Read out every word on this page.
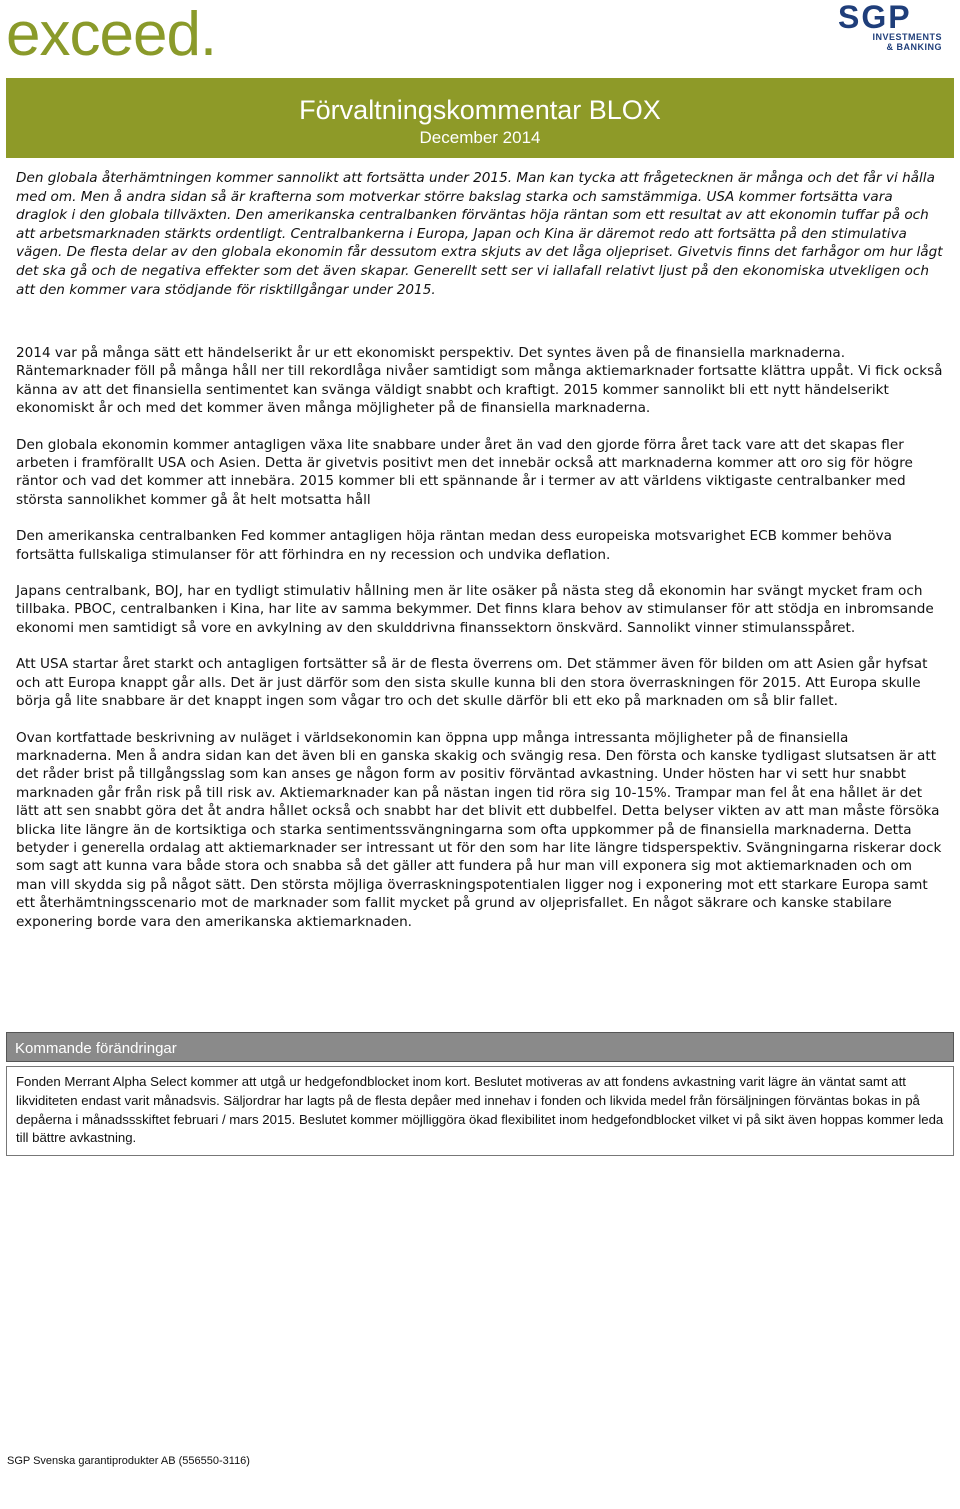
exceed.	SGP
INVESTMENTS
& BANKING
Förvaltningskommentar BLOX
December 2014

Den globala återhämtningen kommer sannolikt att fortsätta under 2015. Man kan tycka att frågetecknen är många och det får vi hålla med om. Men å andra sidan så är krafterna som motverkar större bakslag starka och samstämmiga. USA kommer fortsätta vara draglok i den globala tillväxten. Den amerikanska centralbanken förväntas höja räntan som ett resultat av att ekonomin tuffar på och att arbetsmarknaden stärkts ordentligt. Centralbankerna i Europa, Japan och Kina är däremot redo att fortsätta på den stimulativa vägen. De flesta delar av den globala ekonomin får dessutom extra skjuts av det låga oljepriset. Givetvis finns det farhågor om hur lågt det ska gå och de negativa effekter som det även skapar. Generellt sett ser vi iallafall relativt ljust på den ekonomiska utvekligen och att den kommer vara stödjande för risktillgångar under 2015.

2014 var på många sätt ett händelserikt år ur ett ekonomiskt perspektiv. Det syntes även på de finansiella marknaderna. Räntemarknader föll på många håll ner till rekordlåga nivåer samtidigt som många aktiemarknader fortsatte klättra uppåt. Vi fick också känna av att det finansiella sentimentet kan svänga väldigt snabbt och kraftigt. 2015 kommer sannolikt bli ett nytt händelserikt ekonomiskt år och med det kommer även många möjligheter på de finansiella marknaderna.

Den globala ekonomin kommer antagligen växa lite snabbare under året än vad den gjorde förra året tack vare att det skapas fler arbeten i framförallt USA och Asien. Detta är givetvis positivt men det innebär också att marknaderna kommer att oro sig för högre räntor och vad det kommer att innebära. 2015 kommer bli ett spännande år i termer av att världens viktigaste centralbanker med största sannolikhet kommer gå åt helt motsatta håll

Den amerikanska centralbanken Fed kommer antagligen höja räntan medan dess europeiska motsvarighet ECB kommer behöva fortsätta fullskaliga stimulanser för att förhindra en ny recession och undvika deflation.

Japans centralbank, BOJ, har en tydligt stimulativ hållning men är lite osäker på nästa steg då ekonomin har svängt mycket fram och tillbaka. PBOC, centralbanken i Kina, har lite av samma bekymmer. Det finns klara behov av stimulanser för att stödja en inbromsande ekonomi men samtidigt så vore en avkylning av den skulddrivna finanssektorn önskvärd. Sannolikt vinner stimulansspåret.

Att USA startar året starkt och antagligen fortsätter så är de flesta överrens om. Det stämmer även för bilden om att Asien går hyfsat och att Europa knappt går alls. Det är just därför som den sista skulle kunna bli den stora överraskningen för 2015. Att Europa skulle börja gå lite snabbare är det knappt ingen som vågar tro och det skulle därför bli ett eko på marknaden om så blir fallet.

Ovan kortfattade beskrivning av nuläget i världsekonomin kan öppna upp många intressanta möjligheter på de finansiella marknaderna. Men å andra sidan kan det även bli en ganska skakig och svängig resa. Den första och kanske tydligast slutsatsen är att det råder brist på tillgångsslag som kan anses ge någon form av positiv förväntad avkastning. Under hösten har vi sett hur snabbt marknaden går från risk på till risk av. Aktiemarknader kan på nästan ingen tid röra sig 10-15%. Trampar man fel åt ena hållet är det lätt att sen snabbt göra det åt andra hållet också och snabbt har det blivit ett dubbelfel. Detta belyser vikten av att man måste försöka blicka lite längre än de kortsiktiga och starka sentimentssvängningarna som ofta uppkommer på de finansiella marknaderna. Detta betyder i generella ordalag att aktiemarknader ser intressant ut för den som har lite längre tidsperspektiv. Svängningarna riskerar dock som sagt att kunna vara både stora och snabba så det gäller att fundera på hur man vill exponera sig mot aktiemarknaden och om man vill skydda sig på något sätt. Den största möjliga överraskningspotentialen ligger nog i exponering mot ett starkare Europa samt ett återhämtningsscenario mot de marknader som fallit mycket på grund av oljeprisfallet. En något säkrare och kanske stabilare exponering borde vara den amerikanska aktiemarknaden.

Kommande förändringar

Fonden Merrant Alpha Select kommer att utgå ur hedgefondblocket inom kort. Beslutet motiveras av att fondens avkastning varit lägre än väntat samt att likviditeten endast varit månadsvis. Säljordrar har lagts på de flesta depåer med innehav i fonden och likvida medel från försäljningen förväntas bokas in på depåerna i månadssskiftet februari / mars 2015. Beslutet kommer möjlliggöra ökad flexibilitet inom hedgefondblocket vilket vi på sikt även hoppas kommer leda till bättre avkastning.

SGP Svenska garantiprodukter AB (556550-3116)
